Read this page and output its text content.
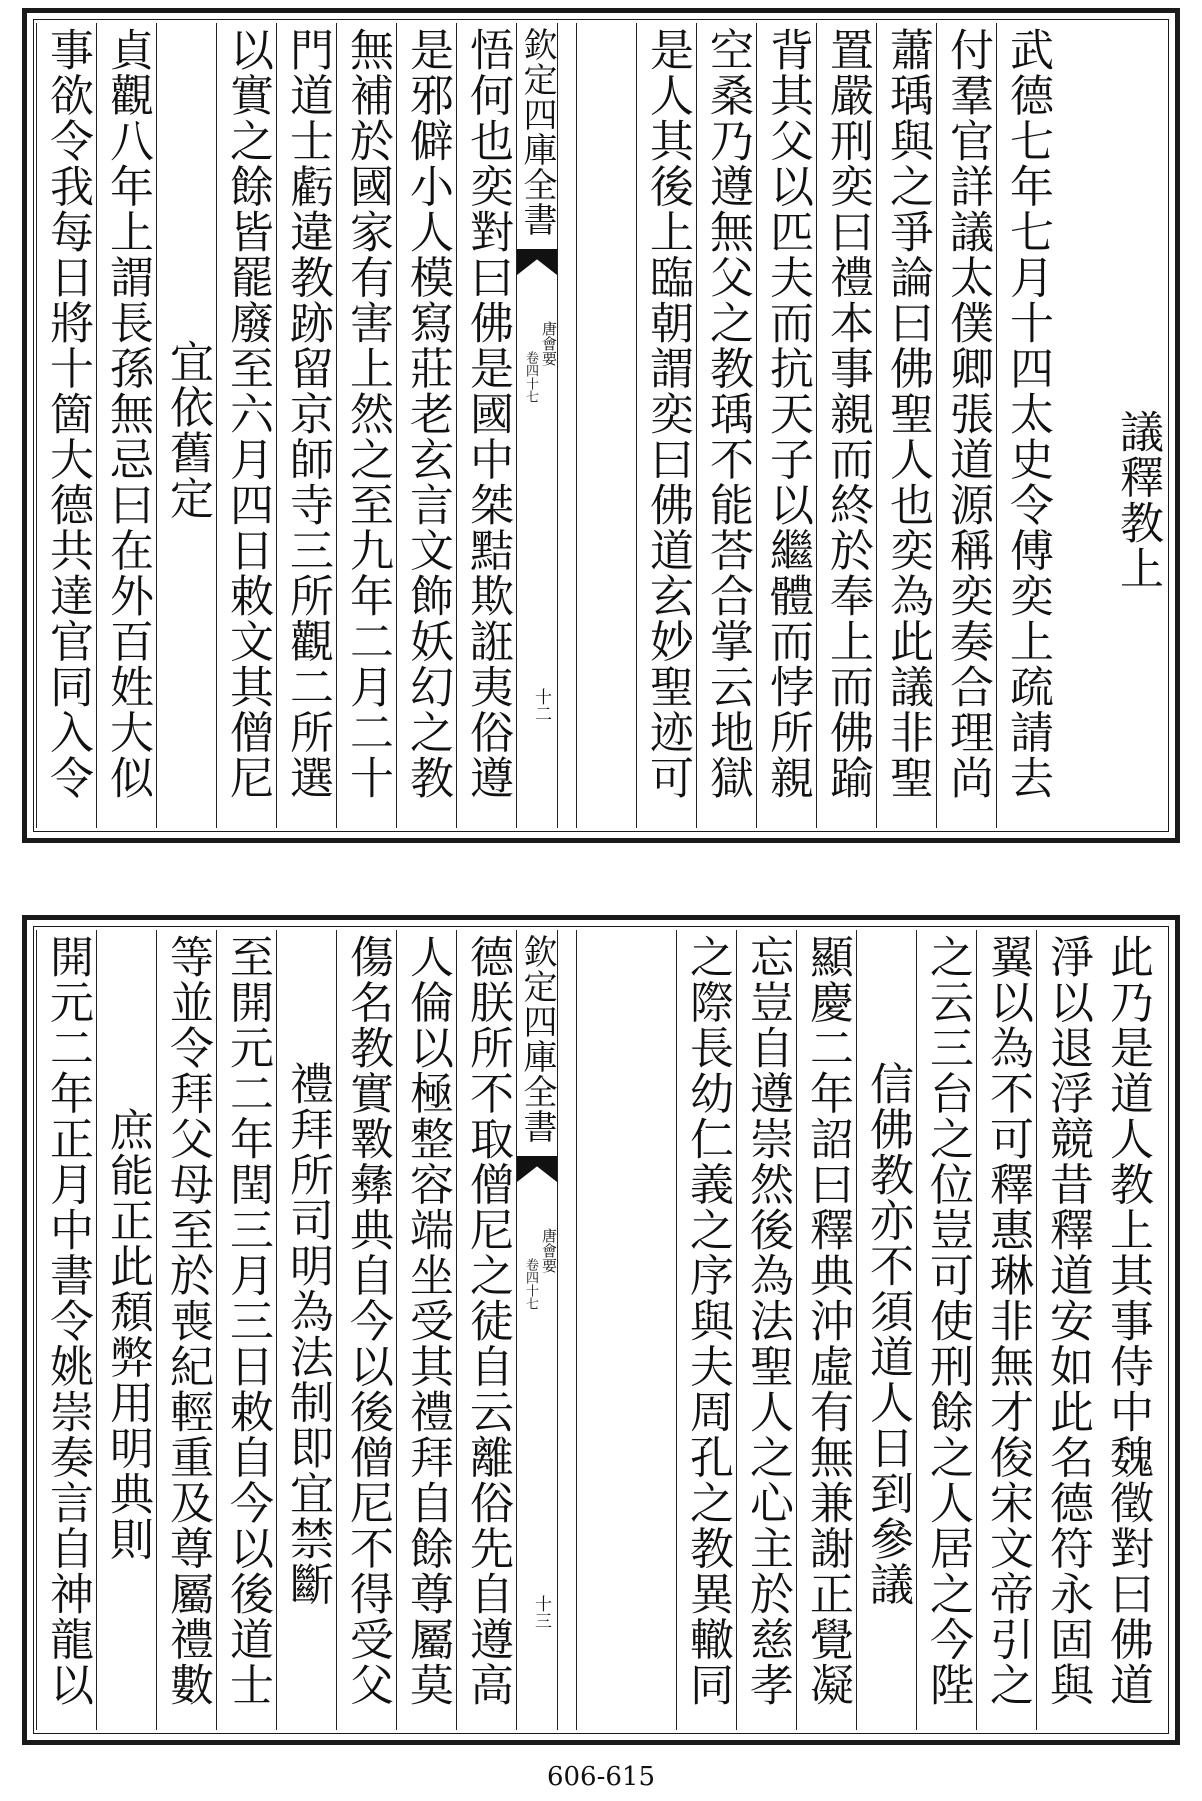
欽定四庫全書
唐會要
卷四十七
十二
議釋教上
武德七年七月十四太史令傅奕上疏請去
付羣官詳議太僕卿張道源稱奕奏合理尚
蕭瑀與之爭論曰佛聖人也奕為此議非聖
置嚴刑奕曰禮本事親而終於奉上而佛踰
背其父以匹夫而抗天子以繼體而悖所親
空桑乃遵無父之教瑀不能荅合掌云地獄
是人其後上臨朝謂奕曰佛道玄妙聖迹可
悟何也奕對曰佛是國中桀黠欺誑夷俗遵
是邪僻小人模寫莊老玄言文飾妖幻之教
無補於國家有害上然之至九年二月二十
門道士虧違教跡留京師寺三所觀二所選
以實之餘皆罷廢至六月四日敕文其僧尼
宜依舊定
貞觀八年上謂長孫無忌曰在外百姓大似
事欲令我每日將十箇大德共達官同入令
欽定四庫全書
唐會要
卷四十七
十三
此乃是道人教上其事侍中魏徵對曰佛道
淨以退浮競昔釋道安如此名德符永固與
翼以為不可釋惠琳非無才俊宋文帝引之
之云三台之位豈可使刑餘之人居之今陛
信佛教亦不須道人日到參議
顯慶二年詔曰釋典沖虛有無兼謝正覺凝
忘豈自遵崇然後為法聖人之心主於慈孝
之際長幼仁義之序與夫周孔之教異轍同
德朕所不取僧尼之徒自云離俗先自遵高
人倫以極整容端坐受其禮拜自餘尊屬莫
傷名教實斁彝典自今以後僧尼不得受父
禮拜所司明為法制即宜禁斷
至開元二年閏三月三日敕自今以後道士
等並令拜父母至於喪紀輕重及尊屬禮數
庶能正此頹弊用明典則
開元二年正月中書令姚崇奏言自神龍以
606-615
